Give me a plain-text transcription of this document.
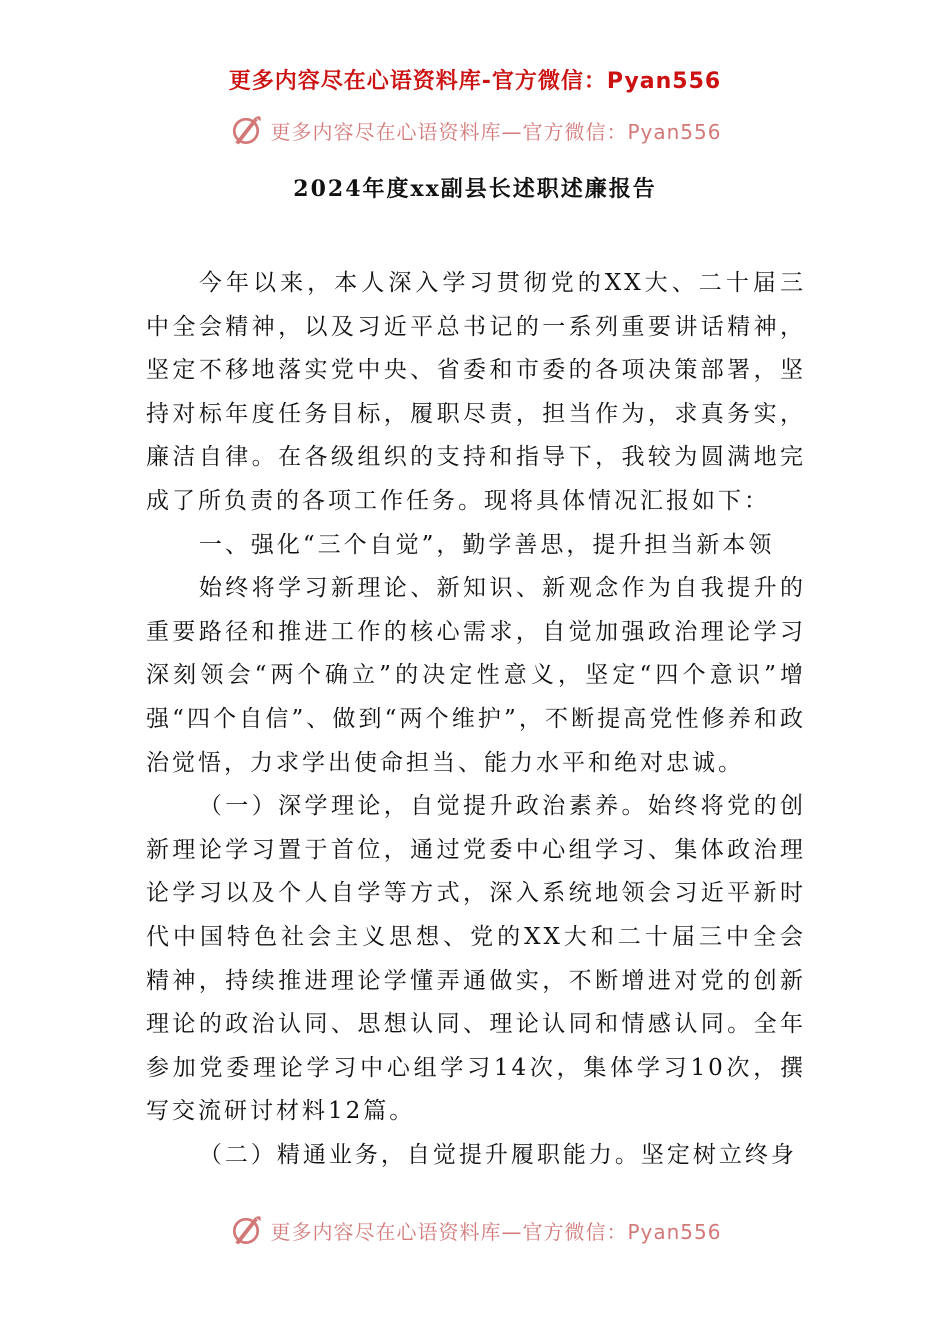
更多内容尽在心语资料库-官方微信：Pyan556
更多内容尽在心语资料库—官方微信：Pyan556
2024年度xx副县长述职述廉报告

今年以来，本人深入学习贯彻党的XX大、二十届三中全会精神，以及习近平总书记的一系列重要讲话精神，坚定不移地落实党中央、省委和市委的各项决策部署，坚持对标年度任务目标，履职尽责，担当作为，求真务实，廉洁自律。在各级组织的支持和指导下，我较为圆满地完成了所负责的各项工作任务。现将具体情况汇报如下：

一、强化“三个自觉”，勤学善思，提升担当新本领

始终将学习新理论、新知识、新观念作为自我提升的重要路径和推进工作的核心需求，自觉加强政治理论学习深刻领会“两个确立”的决定性意义，坚定“四个意识”增强“四个自信”、做到“两个维护”，不断提高党性修养和政治觉悟，力求学出使命担当、能力水平和绝对忠诚。

（一）深学理论，自觉提升政治素养。始终将党的创新理论学习置于首位，通过党委中心组学习、集体政治理论学习以及个人自学等方式，深入系统地领会习近平新时代中国特色社会主义思想、党的XX大和二十届三中全会精神，持续推进理论学懂弄通做实，不断增进对党的创新理论的政治认同、思想认同、理论认同和情感认同。全年参加党委理论学习中心组学习14次，集体学习10次，撰写交流研讨材料12篇。

（二）精通业务，自觉提升履职能力。坚定树立终身

更多内容尽在心语资料库—官方微信：Pyan556
